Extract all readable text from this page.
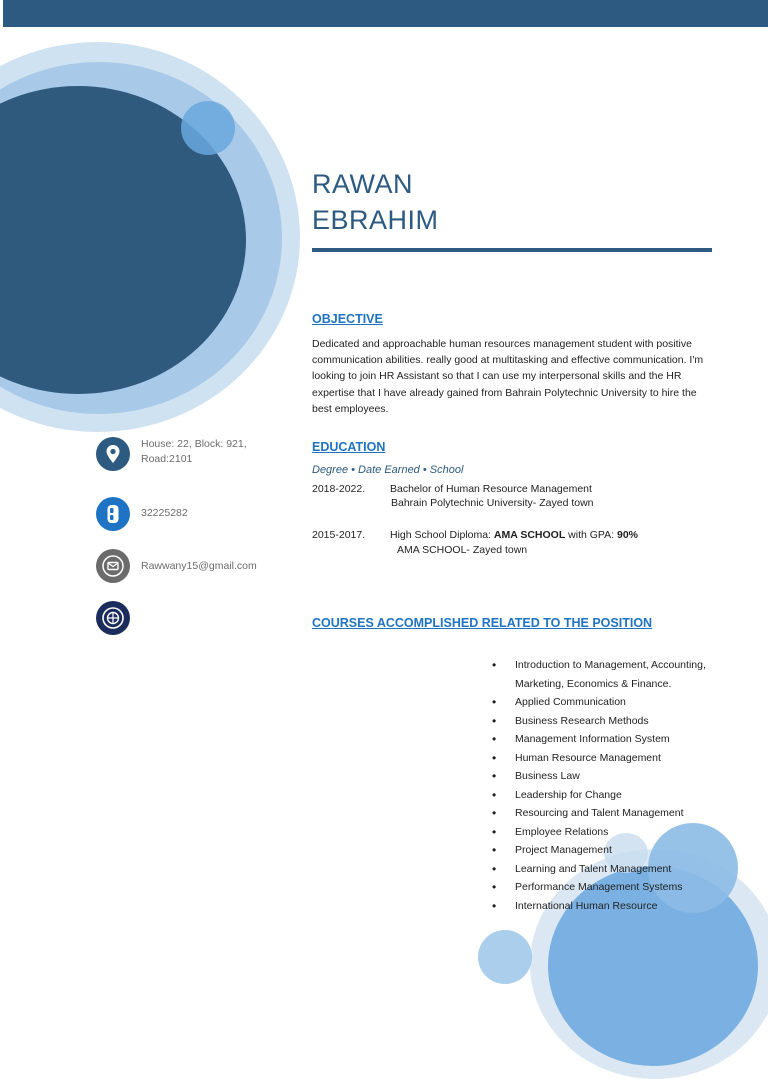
RAWAN
EBRAHIM
OBJECTIVE
Dedicated and approachable human resources management student with positive communication abilities. really good at multitasking and effective communication. I'm looking to join HR Assistant so that I can use my interpersonal skills and the HR expertise that I have already gained from Bahrain Polytechnic University to hire the best employees.
EDUCATION
Degree • Date Earned • School
2018-2022. Bachelor of Human Resource Management
Bahrain Polytechnic University- Zayed town
2015-2017. High School Diploma: AMA SCHOOL with GPA: 90%
AMA SCHOOL- Zayed town
COURSES ACCOMPLISHED RELATED TO THE POSITION
• Introduction to Management, Accounting, Marketing, Economics & Finance.
• Applied Communication
• Business Research Methods
• Management Information System
• Human Resource Management
• Business Law
• Leadership for Change
• Resourcing and Talent Management
• Employee Relations
• Project Management
• Learning and Talent Management
• Performance Management Systems
• International Human Resource
House: 22, Block: 921, Road:2101
32225282
Rawwany15@gmail.com
